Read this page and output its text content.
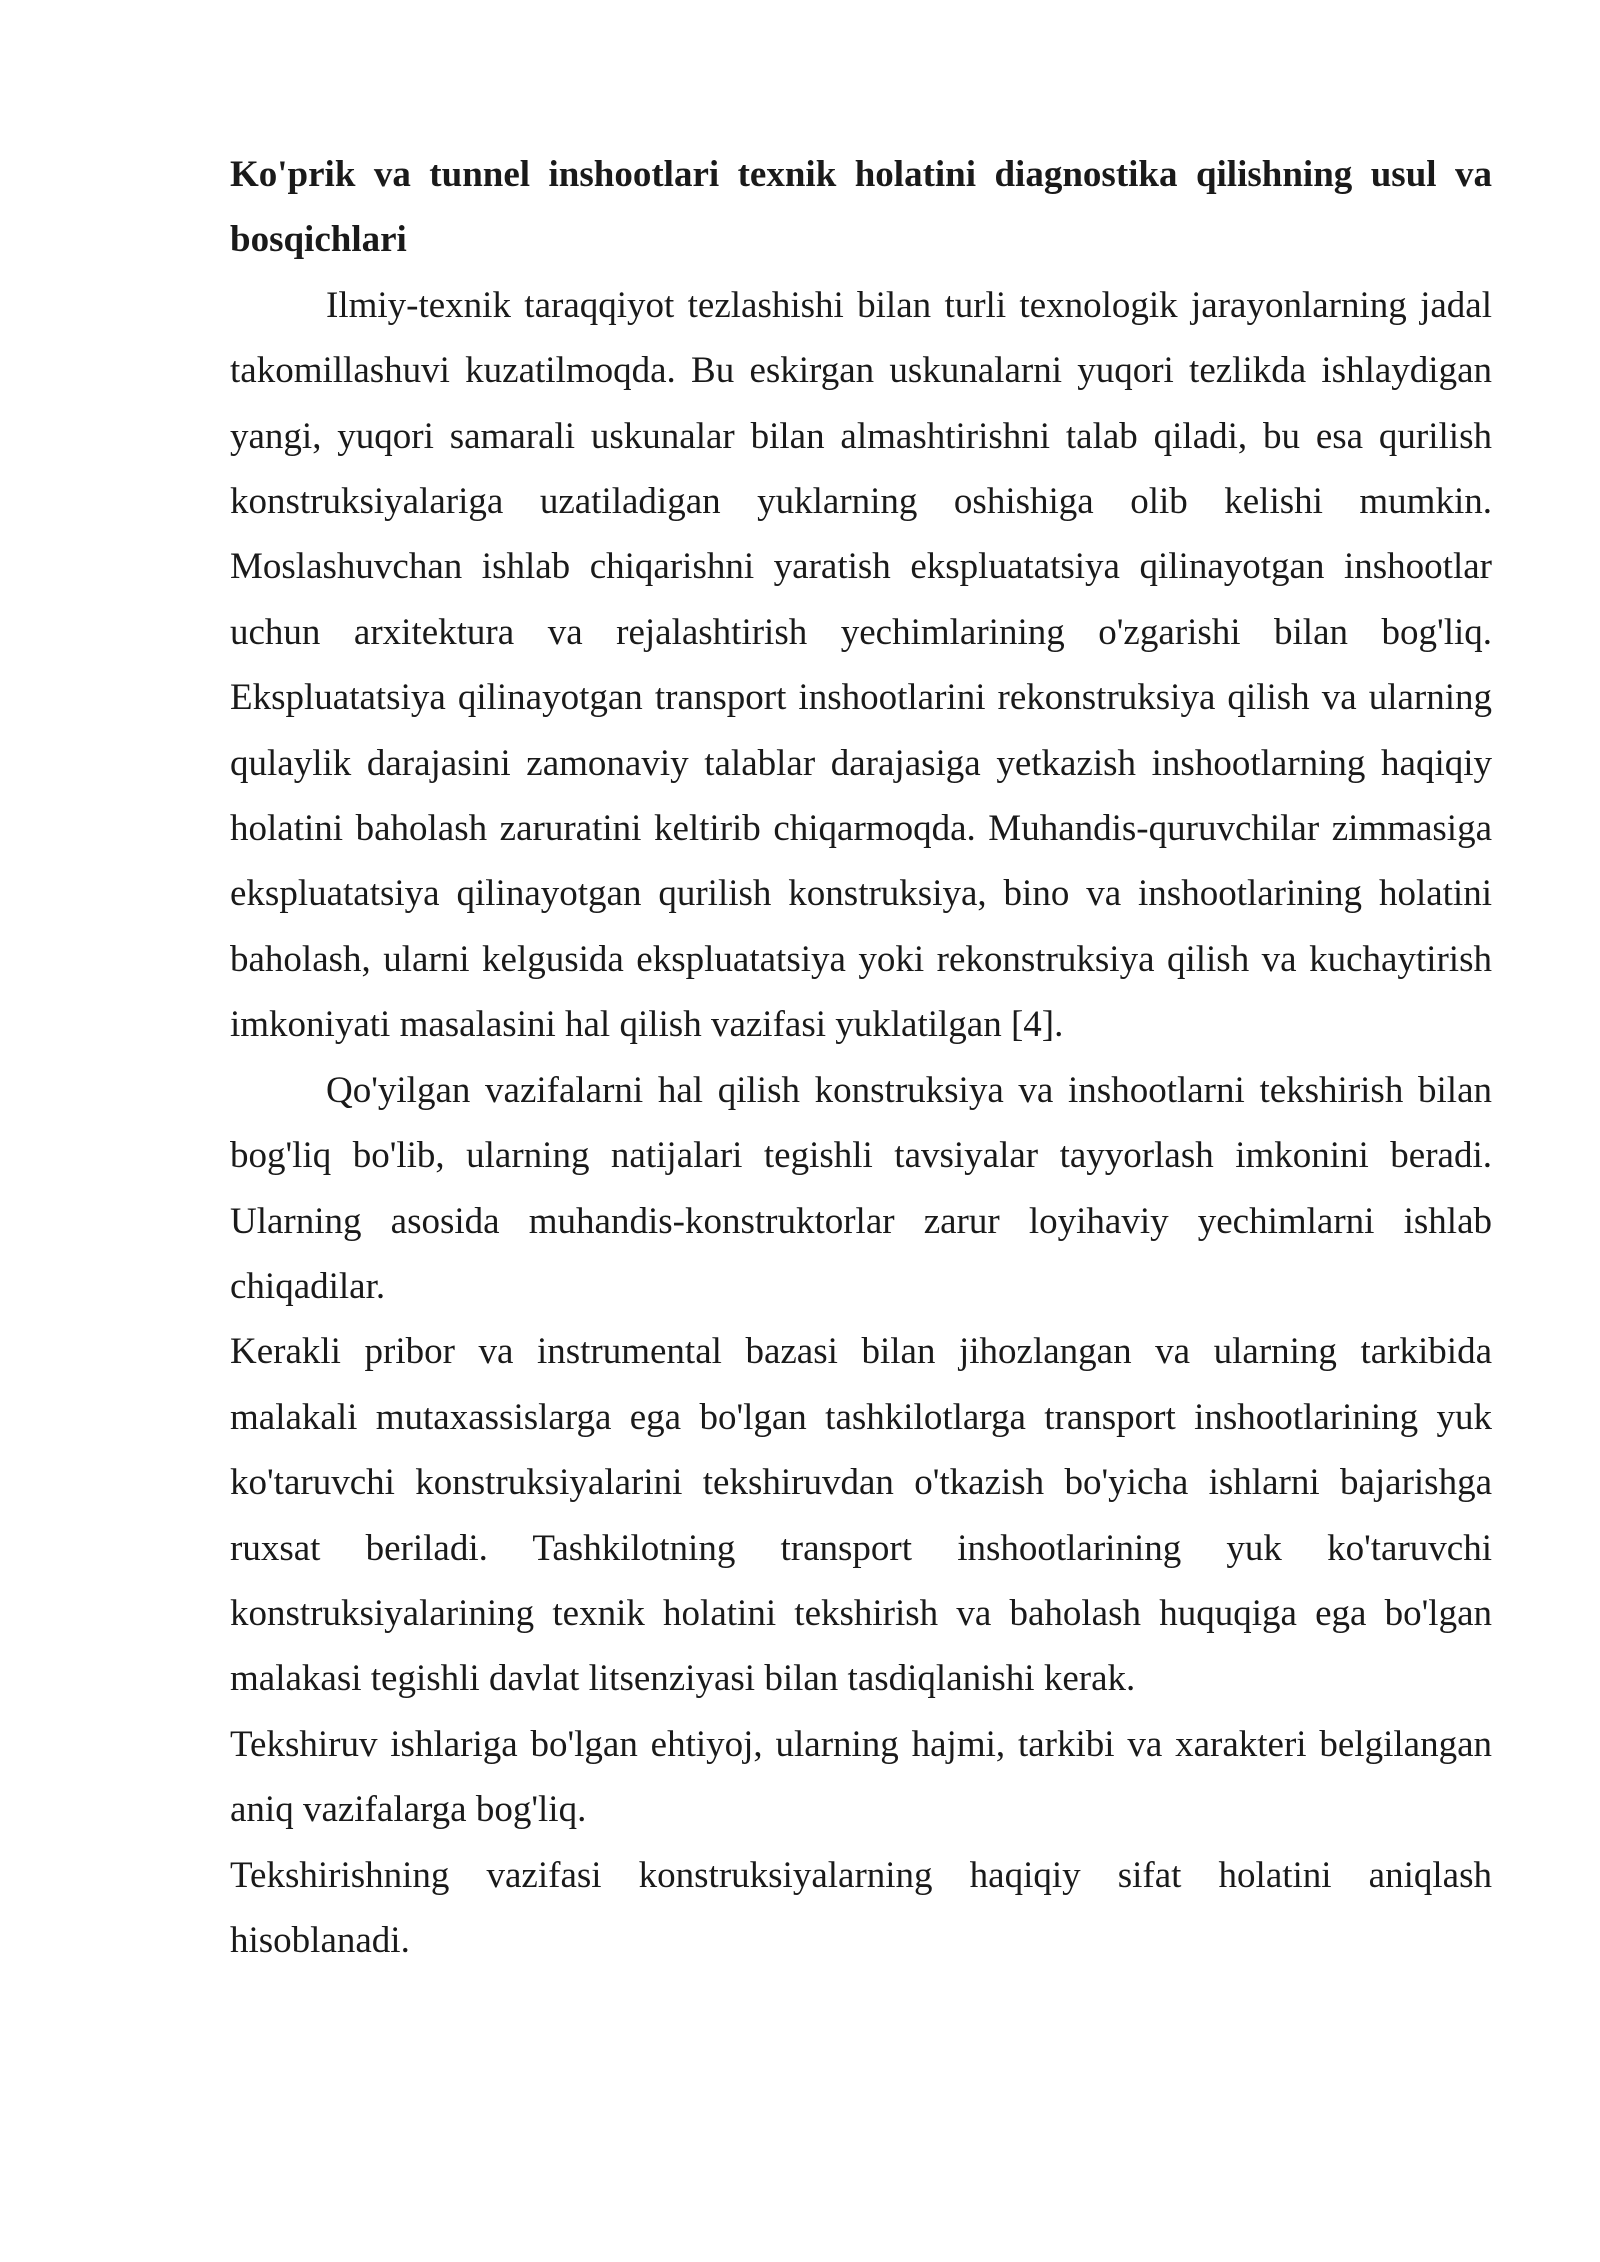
Ko'prik va tunnel inshootlari texnik holatini diagnostika qilishning usul va bosqichlari

Ilmiy-texnik taraqqiyot tezlashishi bilan turli texnologik jarayonlarning jadal takomillashuvi kuzatilmoqda. Bu eskirgan uskunalarni yuqori tezlikda ishlaydigan yangi, yuqori samarali uskunalar bilan almashtirishni talab qiladi, bu esa qurilish konstruksiyalariga uzatiladigan yuklarning oshishiga olib kelishi mumkin. Moslashuvchan ishlab chiqarishni yaratish ekspluatatsiya qilinayotgan inshootlar uchun arxitektura va rejalashtirish yechimlarining o'zgarishi bilan bog'liq. Ekspluatatsiya qilinayotgan transport inshootlarini rekonstruksiya qilish va ularning qulaylik darajasini zamonaviy talablar darajasiga yetkazish inshootlarning haqiqiy holatini baholash zaruratini keltirib chiqarmoqda. Muhandis-quruvchilar zimmasiga ekspluatatsiya qilinayotgan qurilish konstruksiya, bino va inshootlarining holatini baholash, ularni kelgusida ekspluatatsiya yoki rekonstruksiya qilish va kuchaytirish imkoniyati masalasini hal qilish vazifasi yuklatilgan [4].

Qo'yilgan vazifalarni hal qilish konstruksiya va inshootlarni tekshirish bilan bog'liq bo'lib, ularning natijalari tegishli tavsiyalar tayyorlash imkonini beradi. Ularning asosida muhandis-konstruktorlar zarur loyihaviy yechimlarni ishlab chiqadilar.

Kerakli pribor va instrumental bazasi bilan jihozlangan va ularning tarkibida malakali mutaxassislarga ega bo'lgan tashkilotlarga transport inshootlarining yuk ko'taruvchi konstruksiyalarini tekshiruvdan o'tkazish bo'yicha ishlarni bajarishga ruxsat beriladi. Tashkilotning transport inshootlarining yuk ko'taruvchi konstruksiyalarining texnik holatini tekshirish va baholash huquqiga ega bo'lgan malakasi tegishli davlat litsenziyasi bilan tasdiqlanishi kerak.

Tekshiruv ishlariga bo'lgan ehtiyoj, ularning hajmi, tarkibi va xarakteri belgilangan aniq vazifalarga bog'liq.

Tekshirishning vazifasi konstruksiyalarning haqiqiy sifat holatini aniqlash hisoblanadi.
